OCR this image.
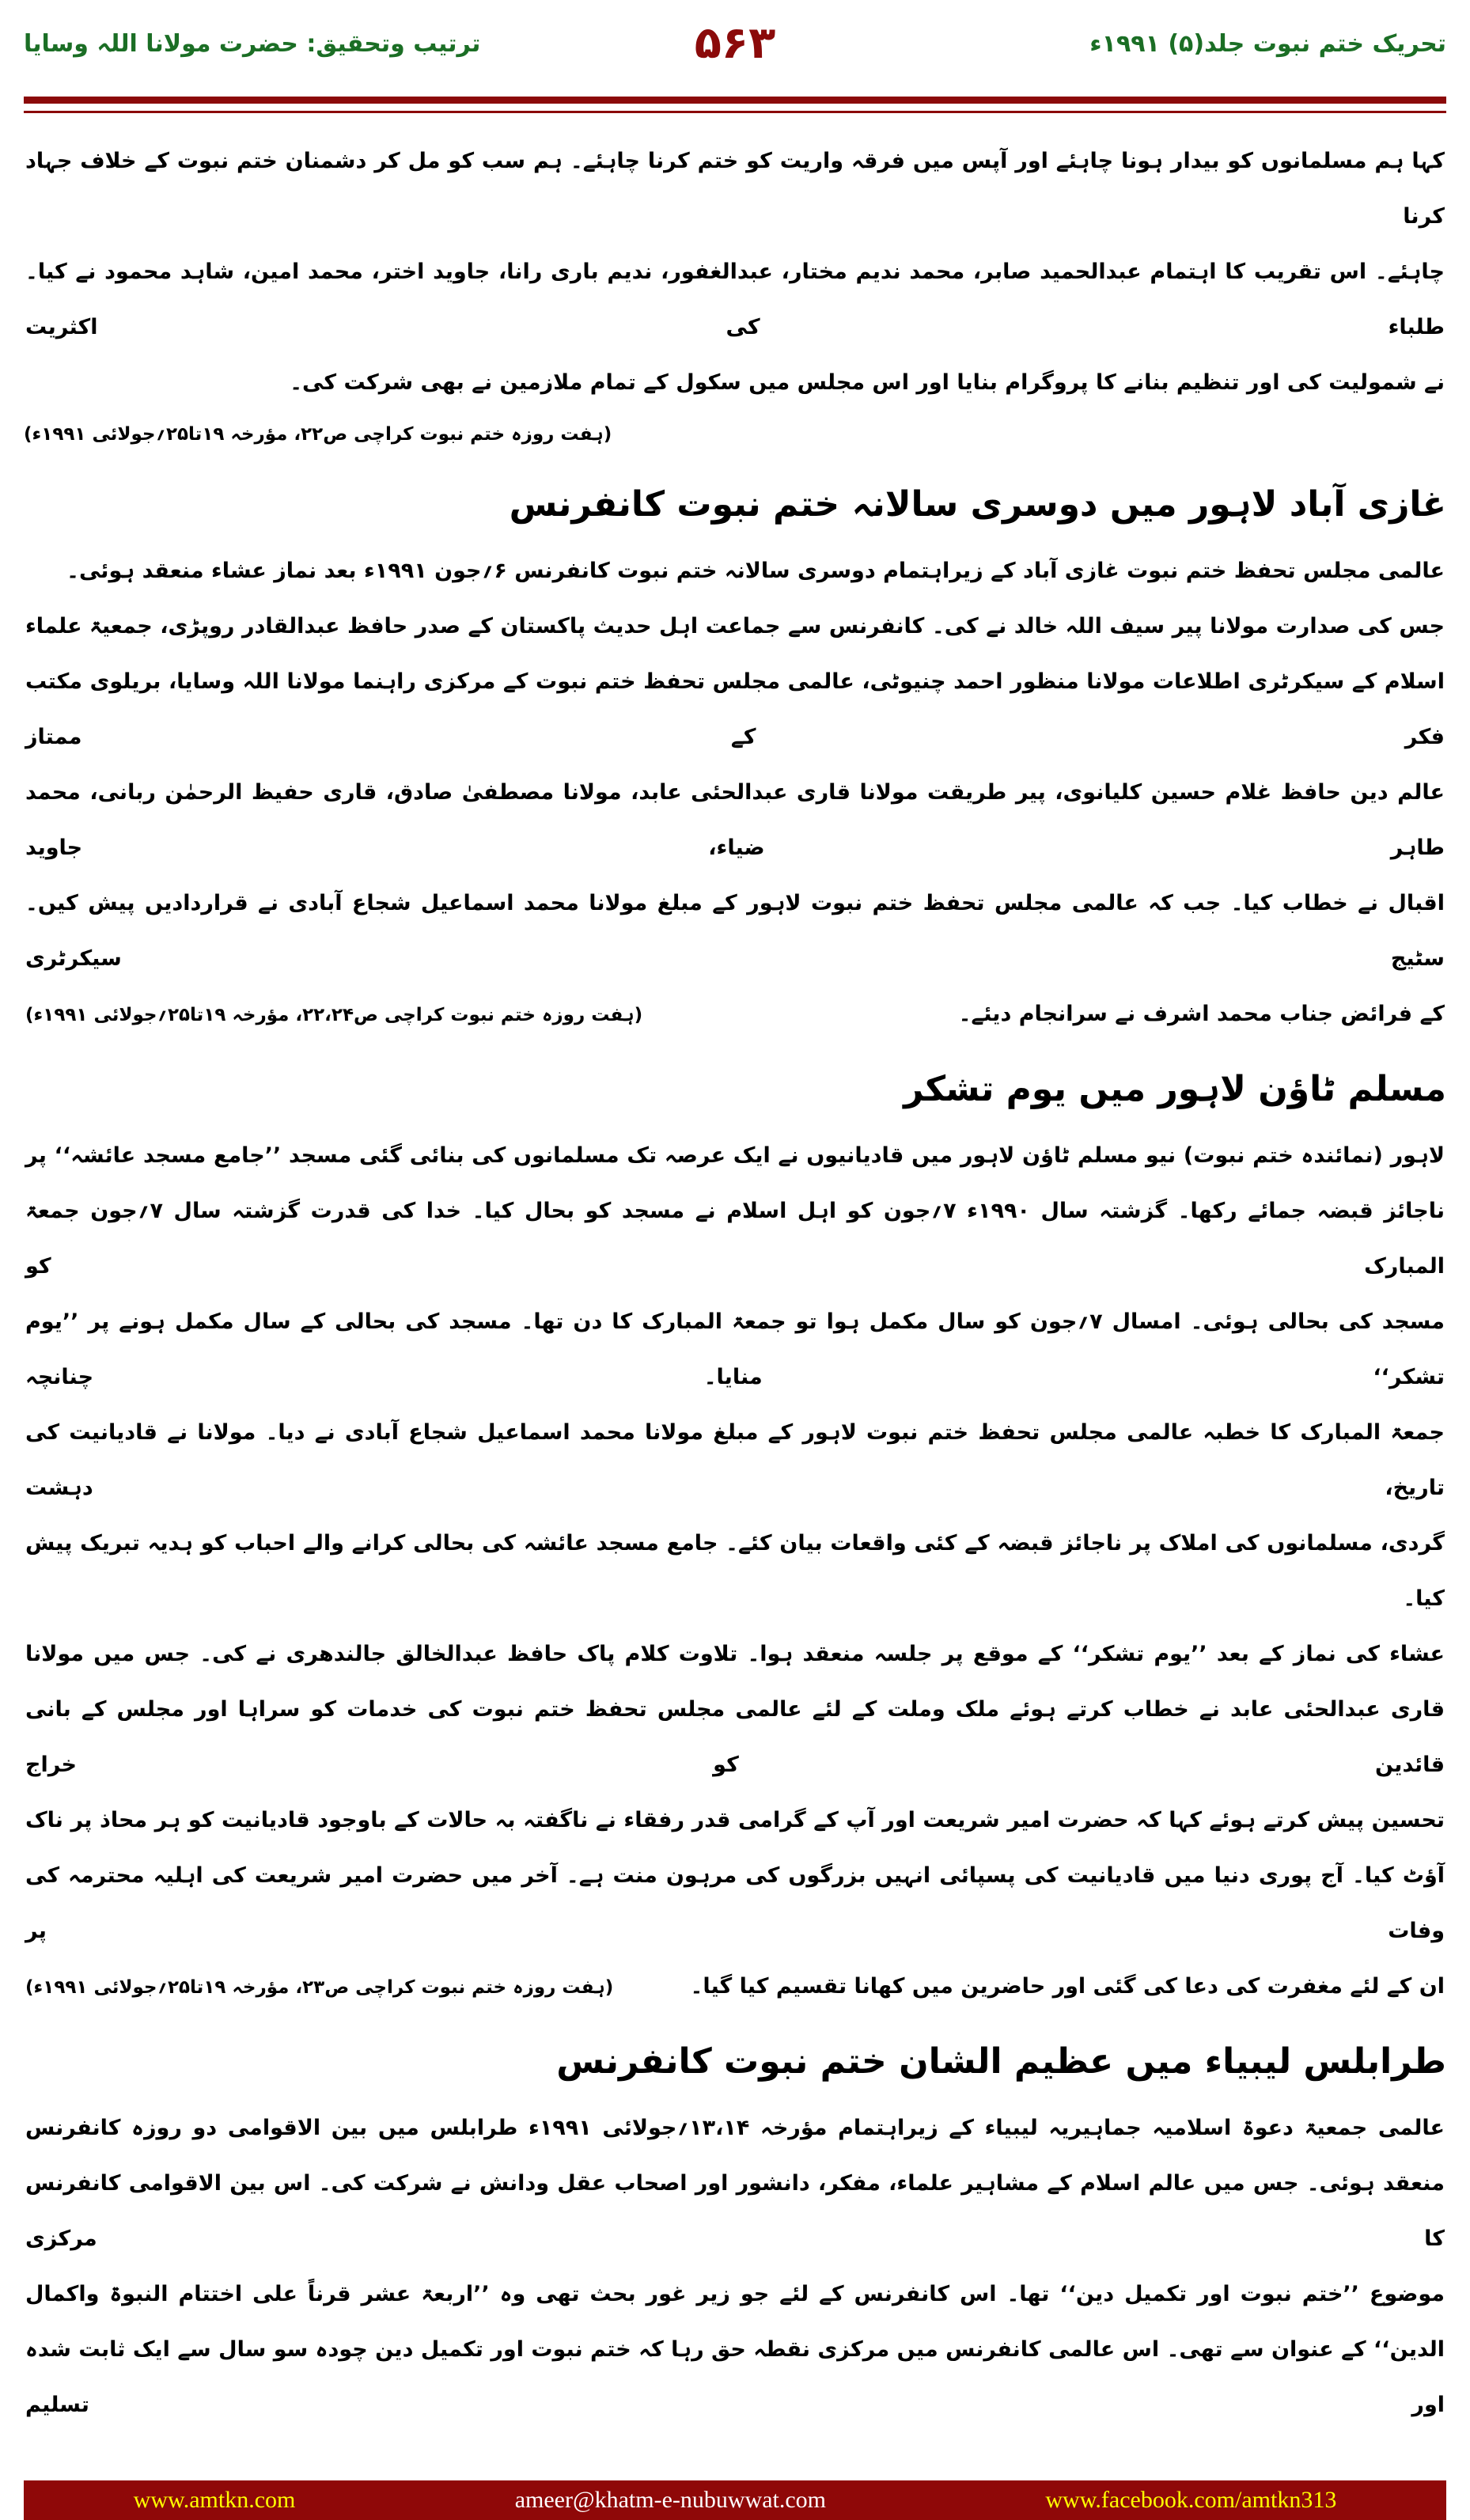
تحریک ختم نبوت جلد(۵) ۱۹۹۱ء
۵۶۳
ترتیب وتحقیق: حضرت مولانا اللہ وسایا
کہا ہم مسلمانوں کو بیدار ہونا چاہئے اور آپس میں فرقہ واریت کو ختم کرنا چاہئے۔ ہم سب کو مل کر دشمنان ختم نبوت کے خلاف جہاد کرنا
چاہئے۔ اس تقریب کا اہتمام عبدالحمید صابر، محمد ندیم مختار، عبدالغفور، ندیم باری رانا، جاوید اختر، محمد امین، شاہد محمود نے کیا۔ طلباء کی اکثریت
نے شمولیت کی اور تنظیم بنانے کا پروگرام بنایا اور اس مجلس میں سکول کے تمام ملازمین نے بھی شرکت کی۔
(ہفت روزہ ختم نبوت کراچی ص۲۲، مؤرخہ ۱۹تا۲۵؍جولائی ۱۹۹۱ء)
غازی آباد لاہور میں دوسری سالانہ ختم نبوت کانفرنس
عالمی مجلس تحفظ ختم نبوت غازی آباد کے زیراہتمام دوسری سالانہ ختم نبوت کانفرنس ۶؍جون ۱۹۹۱ء بعد نماز عشاء منعقد ہوئی۔
جس کی صدارت مولانا پیر سیف اللہ خالد نے کی۔ کانفرنس سے جماعت اہل حدیث پاکستان کے صدر حافظ عبدالقادر روپڑی، جمعیۃ علماء
اسلام کے سیکرٹری اطلاعات مولانا منظور احمد چنیوٹی، عالمی مجلس تحفظ ختم نبوت کے مرکزی راہنما مولانا اللہ وسایا، بریلوی مکتب فکر کے ممتاز
عالم دین حافظ غلام حسین کلیانوی، پیر طریقت مولانا قاری عبدالحئی عابد، مولانا مصطفیٰ صادق، قاری حفیظ الرحمٰن ربانی، محمد طاہر ضیاء، جاوید
اقبال نے خطاب کیا۔ جب کہ عالمی مجلس تحفظ ختم نبوت لاہور کے مبلغ مولانا محمد اسماعیل شجاع آبادی نے قراردادیں پیش کیں۔ سٹیج سیکرٹری
کے فرائض جناب محمد اشرف نے سرانجام دیئے۔
(ہفت روزہ ختم نبوت کراچی ص۲۲،۲۴، مؤرخہ ۱۹تا۲۵؍جولائی ۱۹۹۱ء)
مسلم ٹاؤن لاہور میں یوم تشکر
لاہور (نمائندہ ختم نبوت) نیو مسلم ٹاؤن لاہور میں قادیانیوں نے ایک عرصہ تک مسلمانوں کی بنائی گئی مسجد ’’جامع مسجد عائشہ‘‘ پر
ناجائز قبضہ جمائے رکھا۔ گزشتہ سال ۱۹۹۰ء ۷؍جون کو اہل اسلام نے مسجد کو بحال کیا۔ خدا کی قدرت گزشتہ سال ۷؍جون جمعۃ المبارک کو
مسجد کی بحالی ہوئی۔ امسال ۷؍جون کو سال مکمل ہوا تو جمعۃ المبارک کا دن تھا۔ مسجد کی بحالی کے سال مکمل ہونے پر ’’یوم تشکر‘‘ منایا۔ چنانچہ
جمعۃ المبارک کا خطبہ عالمی مجلس تحفظ ختم نبوت لاہور کے مبلغ مولانا محمد اسماعیل شجاع آبادی نے دیا۔ مولانا نے قادیانیت کی تاریخ، دہشت
گردی، مسلمانوں کی املاک پر ناجائز قبضہ کے کئی واقعات بیان کئے۔ جامع مسجد عائشہ کی بحالی کرانے والے احباب کو ہدیہ تبریک پیش کیا۔
عشاء کی نماز کے بعد ’’یوم تشکر‘‘ کے موقع پر جلسہ منعقد ہوا۔ تلاوت کلام پاک حافظ عبدالخالق جالندھری نے کی۔ جس میں مولانا
قاری عبدالحئی عابد نے خطاب کرتے ہوئے ملک وملت کے لئے عالمی مجلس تحفظ ختم نبوت کی خدمات کو سراہا اور مجلس کے بانی قائدین کو خراج
تحسین پیش کرتے ہوئے کہا کہ حضرت امیر شریعت اور آپ کے گرامی قدر رفقاء نے ناگفتہ بہ حالات کے باوجود قادیانیت کو ہر محاذ پر ناک
آؤٹ کیا۔ آج پوری دنیا میں قادیانیت کی پسپائی انہیں بزرگوں کی مرہون منت ہے۔ آخر میں حضرت امیر شریعت کی اہلیہ محترمہ کی وفات پر
ان کے لئے مغفرت کی دعا کی گئی اور حاضرین میں کھانا تقسیم کیا گیا۔
(ہفت روزہ ختم نبوت کراچی ص۲۳، مؤرخہ ۱۹تا۲۵؍جولائی ۱۹۹۱ء)
طرابلس لیبیاء میں عظیم الشان ختم نبوت کانفرنس
عالمی جمعیۃ دعوۃ اسلامیہ جماہیریہ لیبیاء کے زیراہتمام مؤرخہ ۱۳،۱۴؍جولائی ۱۹۹۱ء طرابلس میں بین الاقوامی دو روزہ کانفرنس
منعقد ہوئی۔ جس میں عالم اسلام کے مشاہیر علماء، مفکر، دانشور اور اصحاب عقل ودانش نے شرکت کی۔ اس بین الاقوامی کانفرنس کا مرکزی
موضوع ’’ختم نبوت اور تکمیل دین‘‘ تھا۔ اس کانفرنس کے لئے جو زیر غور بحث تھی وہ ’’اربعۃ عشر قرناً علی اختتام النبوۃ واکمال
الدین‘‘ کے عنوان سے تھی۔ اس عالمی کانفرنس میں مرکزی نقطہ حق رہا کہ ختم نبوت اور تکمیل دین چودہ سو سال سے ایک ثابت شدہ اور تسلیم
www.amtkn.com	ameer@khatm-e-nubuwwat.com	www.facebook.com/amtkn313
